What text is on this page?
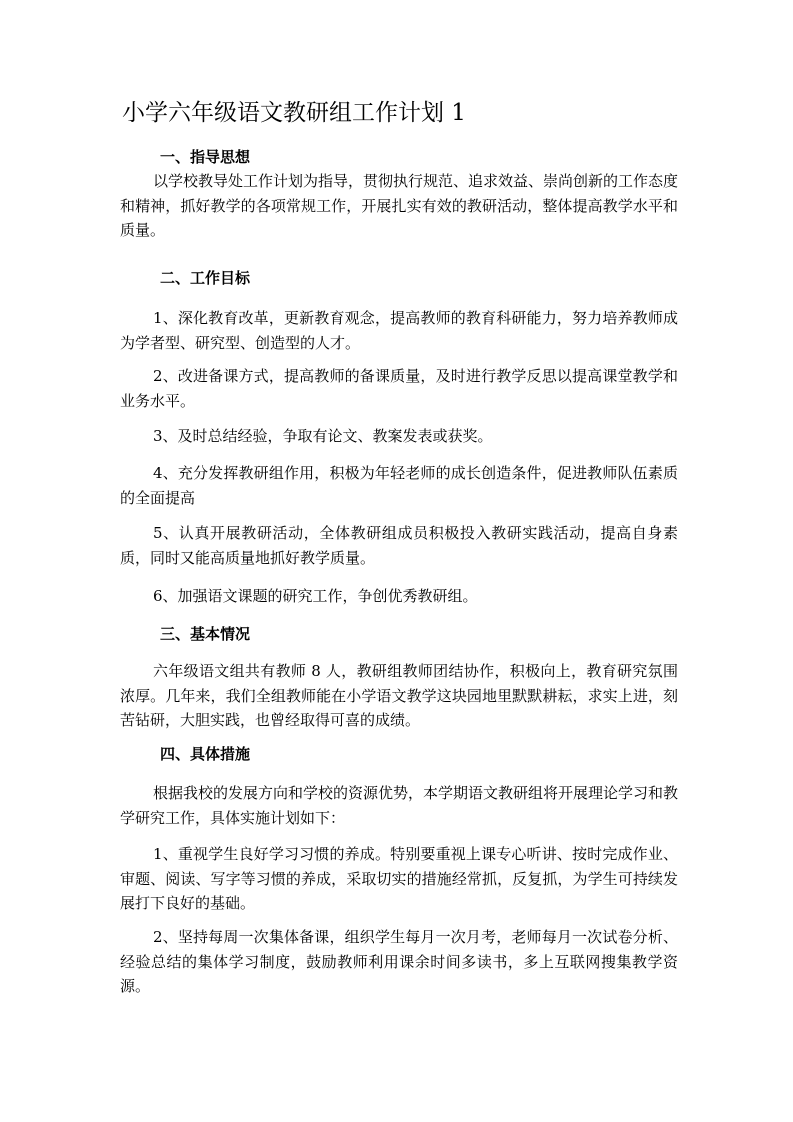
小学六年级语文教研组工作计划 1
一、指导思想

以学校教导处工作计划为指导，贯彻执行规范、追求效益、崇尚创新的工作态度和精神，抓好教学的各项常规工作，开展扎实有效的教研活动，整体提高教学水平和质量。

二、工作目标

1、深化教育改革，更新教育观念，提高教师的教育科研能力，努力培养教师成为学者型、研究型、创造型的人才。

2、改进备课方式，提高教师的备课质量，及时进行教学反思以提高课堂教学和业务水平。

3、及时总结经验，争取有论文、教案发表或获奖。

4、充分发挥教研组作用，积极为年轻老师的成长创造条件，促进教师队伍素质的全面提高

5、认真开展教研活动，全体教研组成员积极投入教研实践活动，提高自身素质，同时又能高质量地抓好教学质量。

6、加强语文课题的研究工作，争创优秀教研组。

三、基本情况

六年级语文组共有教师 8 人，教研组教师团结协作，积极向上，教育研究氛围浓厚。几年来，我们全组教师能在小学语文教学这块园地里默默耕耘，求实上进，刻苦钻研，大胆实践，也曾经取得可喜的成绩。

四、具体措施

根据我校的发展方向和学校的资源优势，本学期语文教研组将开展理论学习和教学研究工作，具体实施计划如下：

1、重视学生良好学习习惯的养成。特别要重视上课专心听讲、按时完成作业、审题、阅读、写字等习惯的养成，采取切实的措施经常抓，反复抓，为学生可持续发展打下良好的基础。

2、坚持每周一次集体备课，组织学生每月一次月考，老师每月一次试卷分析、经验总结的集体学习制度，鼓励教师利用课余时间多读书，多上互联网搜集教学资源。
